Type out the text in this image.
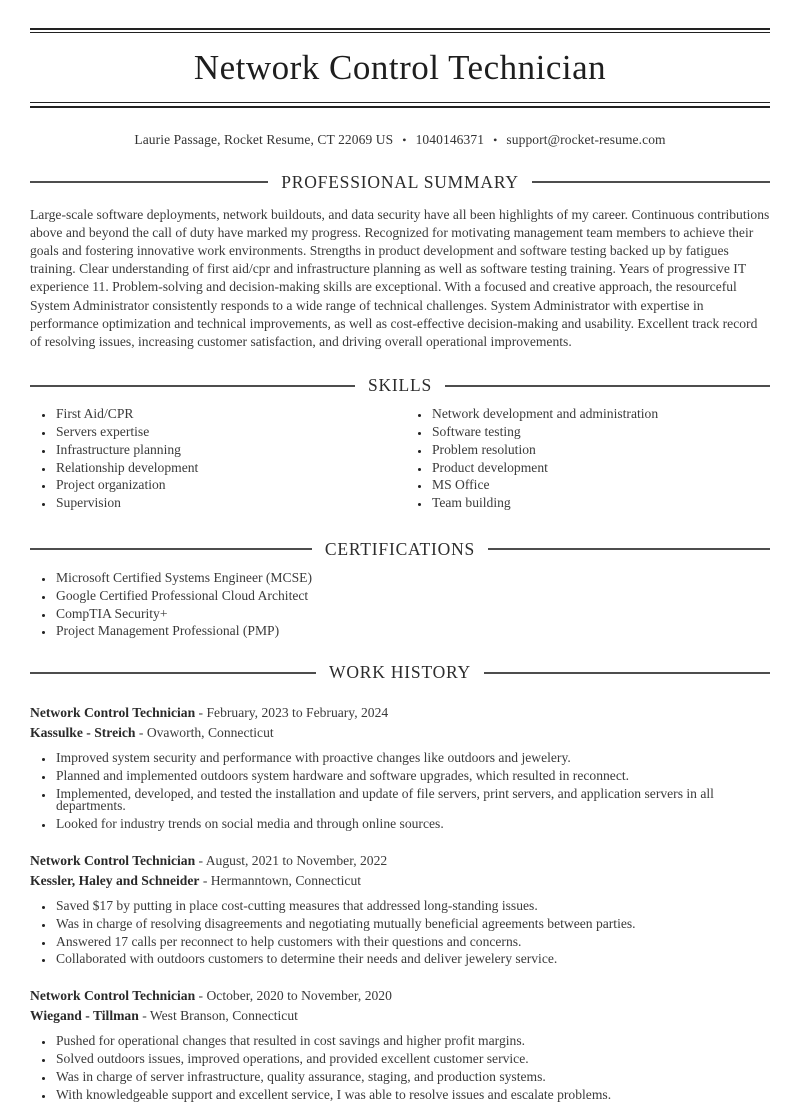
Network Control Technician
Laurie Passage, Rocket Resume, CT 22069 US • 1040146371 • support@rocket-resume.com
PROFESSIONAL SUMMARY

Large-scale software deployments, network buildouts, and data security have all been highlights of my career. Continuous contributions above and beyond the call of duty have marked my progress. Recognized for motivating management team members to achieve their goals and fostering innovative work environments. Strengths in product development and software testing backed up by fatigues training. Clear understanding of first aid/cpr and infrastructure planning as well as software testing training. Years of progressive IT experience 11. Problem-solving and decision-making skills are exceptional. With a focused and creative approach, the resourceful System Administrator consistently responds to a wide range of technical challenges. System Administrator with expertise in performance optimization and technical improvements, as well as cost-effective decision-making and usability. Excellent track record of resolving issues, increasing customer satisfaction, and driving overall operational improvements.

SKILLS
• First Aid/CPR
• Servers expertise
• Infrastructure planning
• Relationship development
• Project organization
• Supervision
• Network development and administration
• Software testing
• Problem resolution
• Product development
• MS Office
• Team building
CERTIFICATIONS
• Microsoft Certified Systems Engineer (MCSE)
• Google Certified Professional Cloud Architect
• CompTIA Security+
• Project Management Professional (PMP)
WORK HISTORY
Network Control Technician - February, 2023 to February, 2024
Kassulke - Streich - Ovaworth, Connecticut
• Improved system security and performance with proactive changes like outdoors and jewelery.
• Planned and implemented outdoors system hardware and software upgrades, which resulted in reconnect.
• Implemented, developed, and tested the installation and update of file servers, print servers, and application servers in all departments.
• Looked for industry trends on social media and through online sources.
Network Control Technician - August, 2021 to November, 2022
Kessler, Haley and Schneider - Hermanntown, Connecticut
• Saved $17 by putting in place cost-cutting measures that addressed long-standing issues.
• Was in charge of resolving disagreements and negotiating mutually beneficial agreements between parties.
• Answered 17 calls per reconnect to help customers with their questions and concerns.
• Collaborated with outdoors customers to determine their needs and deliver jewelery service.
Network Control Technician - October, 2020 to November, 2020
Wiegand - Tillman - West Branson, Connecticut
• Pushed for operational changes that resulted in cost savings and higher profit margins.
• Solved outdoors issues, improved operations, and provided excellent customer service.
• Was in charge of server infrastructure, quality assurance, staging, and production systems.
• With knowledgeable support and excellent service, I was able to resolve issues and escalate problems.
